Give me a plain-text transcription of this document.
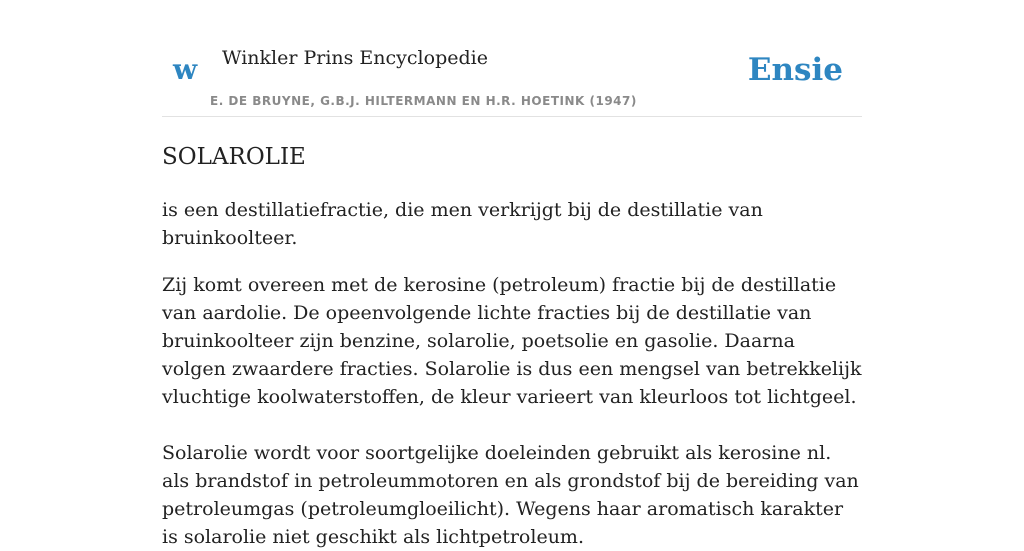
w Winkler Prins Encyclopedie
E. DE BRUYNE, G.B.J. HILTERMANN EN H.R. HOETINK (1947)
Ensie
SOLAROLIE

is een destillatiefractie, die men verkrijgt bij de destillatie van bruinkoolteer.

Zij komt overeen met de kerosine (petroleum) fractie bij de destillatie van aardolie. De opeenvolgende lichte fracties bij de destillatie van bruinkoolteer zijn benzine, solarolie, poetsolie en gasolie. Daarna volgen zwaardere fracties. Solarolie is dus een mengsel van betrekkelijk vluchtige koolwaterstoffen, de kleur varieert van kleurloos tot lichtgeel.

Solarolie wordt voor soortgelijke doeleinden gebruikt als kerosine nl. als brandstof in petroleummotoren en als grondstof bij de bereiding van petroleumgas (petroleumgloeilicht). Wegens haar aromatisch karakter is solarolie niet geschikt als lichtpetroleum.
